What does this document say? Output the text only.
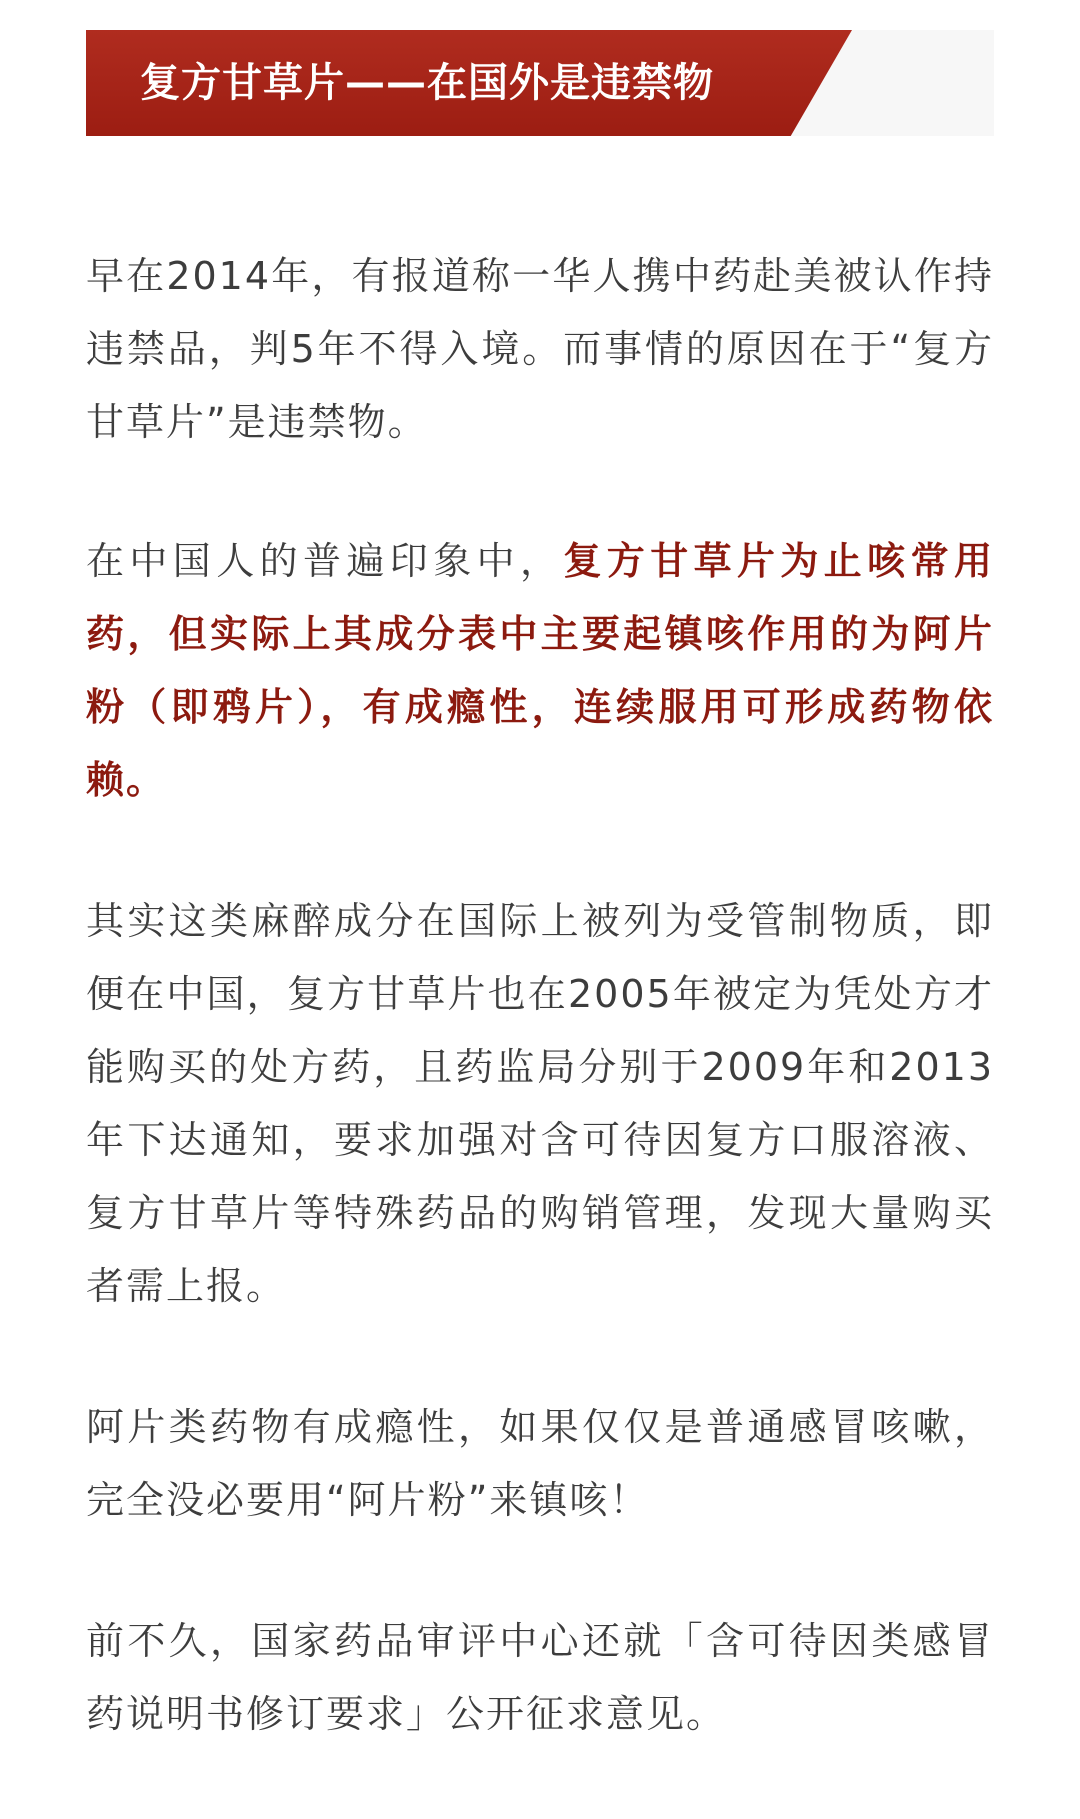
复方甘草片——在国外是违禁物

早在2014年，有报道称一华人携中药赴美被认作持违禁品，判5年不得入境。而事情的原因在于“复方甘草片”是违禁物。

在中国人的普遍印象中，复方甘草片为止咳常用药，但实际上其成分表中主要起镇咳作用的为阿片粉（即鸦片），有成瘾性，连续服用可形成药物依赖。

其实这类麻醉成分在国际上被列为受管制物质，即便在中国，复方甘草片也在2005年被定为凭处方才能购买的处方药，且药监局分别于2009年和2013年下达通知，要求加强对含可待因复方口服溶液、复方甘草片等特殊药品的购销管理，发现大量购买者需上报。

阿片类药物有成瘾性，如果仅仅是普通感冒咳嗽，完全没必要用“阿片粉”来镇咳！

前不久，国家药品审评中心还就「含可待因类感冒药说明书修订要求」公开征求意见。
